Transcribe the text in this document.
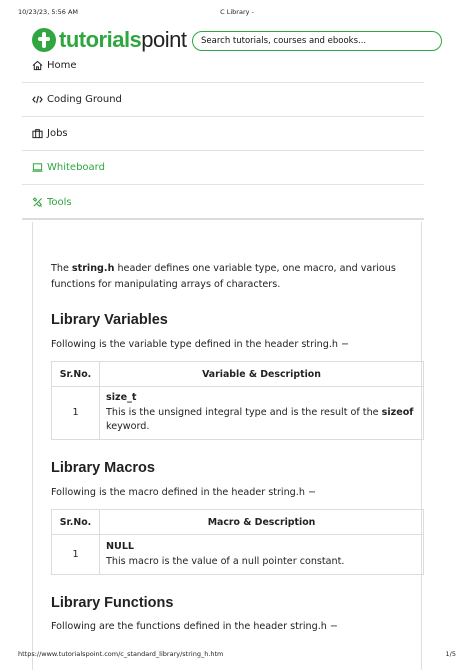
10/23/23, 5:56 AM	C Library -
tutorialspoint Search tutorials, courses and ebooks...
Home
Coding Ground
Jobs
Whiteboard
Tools

The string.h header defines one variable type, one macro, and various functions for manipulating arrays of characters.

Library Variables

Following is the variable type defined in the header string.h −

Sr.No.	Variable & Description
1	size_t
This is the unsigned integral type and is the result of the sizeof keyword.
Library Macros

Following is the macro defined in the header string.h −

Sr.No.	Macro & Description
1	NULL
This macro is the value of a null pointer constant.
Library Functions

Following are the functions defined in the header string.h −

https://www.tutorialspoint.com/c_standard_library/string_h.htm	1/5
